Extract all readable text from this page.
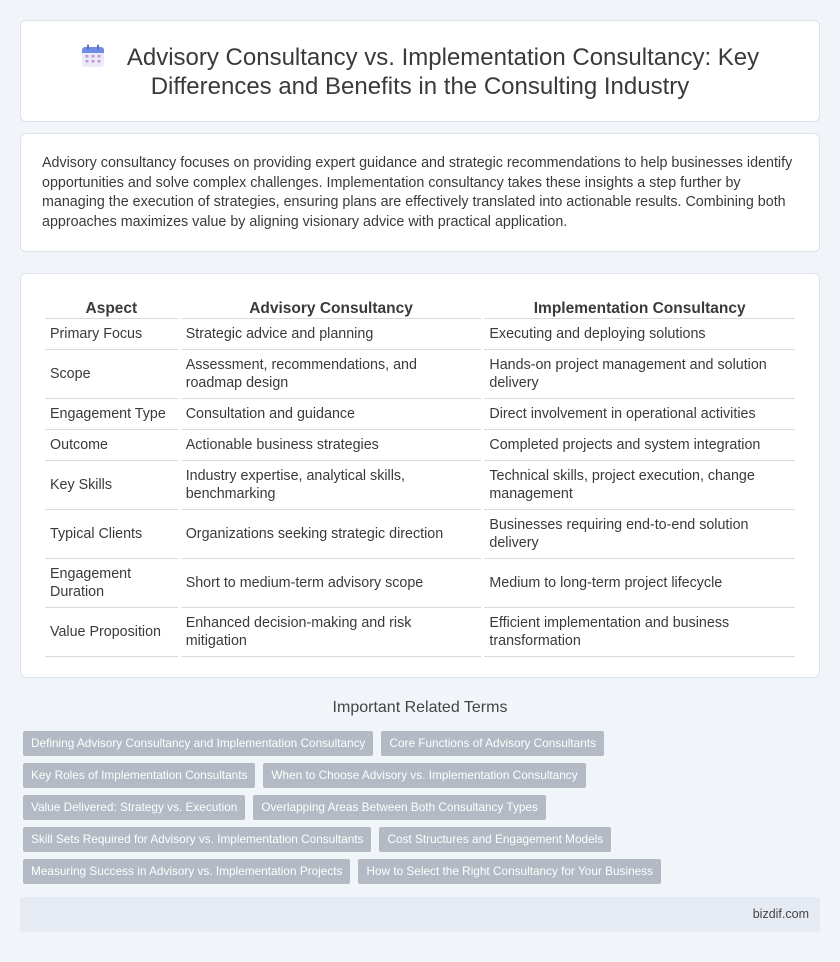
Advisory Consultancy vs. Implementation Consultancy: Key Differences and Benefits in the Consulting Industry

Advisory consultancy focuses on providing expert guidance and strategic recommendations to help businesses identify opportunities and solve complex challenges. Implementation consultancy takes these insights a step further by managing the execution of strategies, ensuring plans are effectively translated into actionable results. Combining both approaches maximizes value by aligning visionary advice with practical application.

Aspect	Advisory Consultancy	Implementation Consultancy
Primary Focus	Strategic advice and planning	Executing and deploying solutions
Scope	Assessment, recommendations, and roadmap design	Hands-on project management and solution delivery
Engagement Type	Consultation and guidance	Direct involvement in operational activities
Outcome	Actionable business strategies	Completed projects and system integration
Key Skills	Industry expertise, analytical skills, benchmarking	Technical skills, project execution, change management
Typical Clients	Organizations seeking strategic direction	Businesses requiring end-to-end solution delivery
Engagement Duration	Short to medium-term advisory scope	Medium to long-term project lifecycle
Value Proposition	Enhanced decision-making and risk mitigation	Efficient implementation and business transformation
Important Related Terms
Defining Advisory Consultancy and Implementation Consultancy	Core Functions of Advisory Consultants
Key Roles of Implementation Consultants	When to Choose Advisory vs. Implementation Consultancy
Value Delivered: Strategy vs. Execution	Overlapping Areas Between Both Consultancy Types
Skill Sets Required for Advisory vs. Implementation Consultants	Cost Structures and Engagement Models
Measuring Success in Advisory vs. Implementation Projects	How to Select the Right Consultancy for Your Business
bizdif.com
